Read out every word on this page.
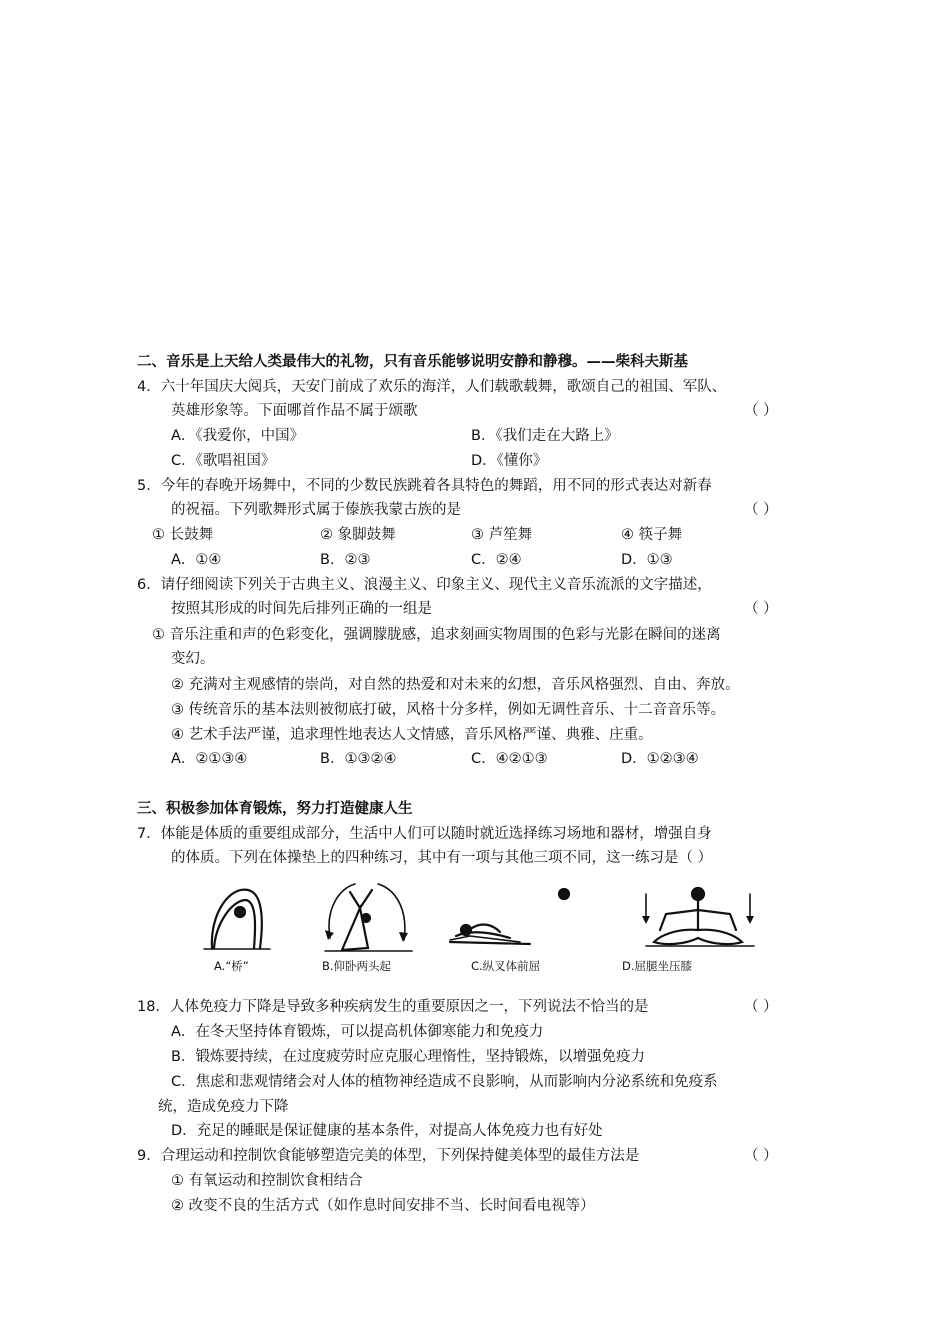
二、音乐是上天给人类最伟大的礼物，只有音乐能够说明安静和静穆。——柴科夫斯基
4．六十年国庆大阅兵，天安门前成了欢乐的海洋，人们载歌载舞，歌颂自己的祖国、军队、
英雄形象等。下面哪首作品不属于颂歌	（ ）
A．《我爱你，中国》	B．《我们走在大路上》
C．《歌唱祖国》	D．《懂你》
5．今年的春晚开场舞中，不同的少数民族跳着各具特色的舞蹈，用不同的形式表达对新春
的祝福。下列歌舞形式属于傣族我蒙古族的是	（ ）
① 长鼓舞	② 象脚鼓舞	③ 芦笙舞	④ 筷子舞
A．①④	B．②③	C．②④	D．①③
6．请仔细阅读下列关于古典主义、浪漫主义、印象主义、现代主义音乐流派的文字描述，
按照其形成的时间先后排列正确的一组是	（ ）
① 音乐注重和声的色彩变化，强调朦胧感，追求刻画实物周围的色彩与光影在瞬间的迷离
变幻。
② 充满对主观感情的崇尚，对自然的热爱和对未来的幻想，音乐风格强烈、自由、奔放。
③ 传统音乐的基本法则被彻底打破，风格十分多样，例如无调性音乐、十二音音乐等。
④ 艺术手法严谨，追求理性地表达人文情感，音乐风格严谨、典雅、庄重。
A．②①③④	B．①③②④	C．④②①③	D．①②③④
三、积极参加体育锻炼，努力打造健康人生
7．体能是体质的重要组成部分，生活中人们可以随时就近选择练习场地和器材，增强自身
的体质。下列在体操垫上的四种练习，其中有一项与其他三项不同，这一练习是（ ）
A.“桥”	B.仰卧两头起	C.纵叉体前屈	D.屈腿坐压膝
18．人体免疫力下降是导致多种疾病发生的重要原因之一，下列说法不恰当的是	（ ）
A．在冬天坚持体育锻炼，可以提高机体御寒能力和免疫力
B．锻炼要持续，在过度疲劳时应克服心理惰性，坚持锻炼，以增强免疫力
C．焦虑和悲观情绪会对人体的植物神经造成不良影响，从而影响内分泌系统和免疫系
统，造成免疫力下降
D．充足的睡眠是保证健康的基本条件，对提高人体免疫力也有好处
9．合理运动和控制饮食能够塑造完美的体型，下列保持健美体型的最佳方法是	（ ）
① 有氧运动和控制饮食相结合
② 改变不良的生活方式（如作息时间安排不当、长时间看电视等）
